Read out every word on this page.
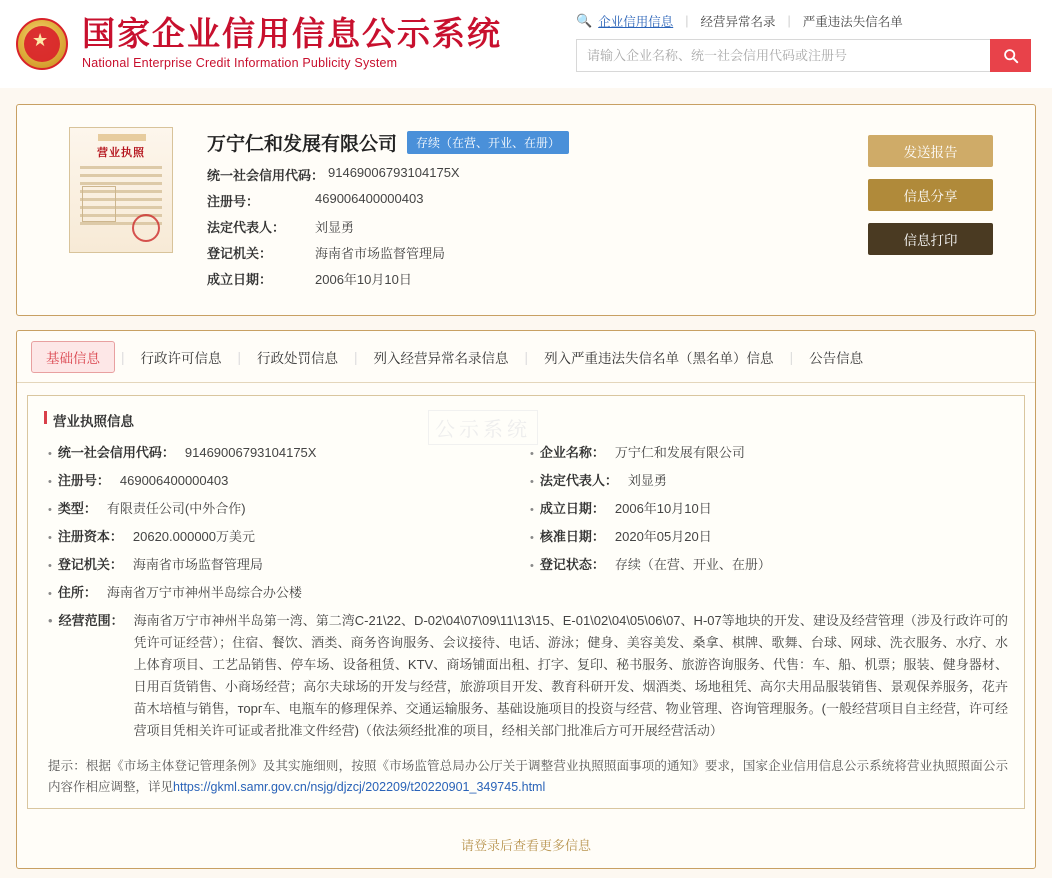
★ 国家企业信用信息公示系统
National Enterprise Credit Information Publicity System
🔍 企业信用信息 | 经营异常名录 | 严重违法失信名单
请输入企业名称、统一社会信用代码或注册号
营业执照	万宁仁和发展有限公司	存续（在营、开业、在册）
统一社会信用代码： 91469006793104175X
注册号：	469006400000403
法定代表人：	刘显勇
登记机关：	海南省市场监督管理局
成立日期：	2006年10月10日
发送报告
信息分享
信息打印
基础信息	|	行政许可信息	|	行政处罚信息	|	列入经营异常名录信息	|	列入严重违法失信名单（黑名单）信息	|	公告信息
公示系统
营业执照信息
• 统一社会信用代码： 91469006793104175X	• 企业名称： 万宁仁和发展有限公司
• 注册号： 469006400000403	• 法定代表人： 刘显勇
• 类型： 有限责任公司(中外合作)	• 成立日期： 2006年10月10日
• 注册资本： 20620.000000万美元	• 核准日期： 2020年05月20日
• 登记机关： 海南省市场监督管理局	• 登记状态： 存续（在营、开业、在册）
• 住所： 海南省万宁市神州半岛综合办公楼
• 经营范围： 海南省万宁市神州半岛第一湾、第二湾C-21\22、D-02\04\07\09\11\13\15、E-01\02\04\05\06\07、H-07等地块的开发、建设及经营管理（涉及行政许可的凭许可证经营）；住宿、餐饮、酒类、商务咨询服务、会议接待、电话、游泳；健身、美容美发、桑拿、棋牌、歌舞、台球、网球、洗衣服务、水疗、水上体育项目、工艺品销售、停车场、设备租赁、KTV、商场铺面出租、打字、复印、秘书服务、旅游咨询服务、代售：车、船、机票；服装、健身器材、日用百货销售、小商场经营；高尔夫球场的开发与经营，旅游项目开发、教育科研开发、烟酒类、场地租凭、高尔夫用品服装销售、景观保养服务，花卉苗木培植与销售，торг车、电瓶车的修理保养、交通运输服务、基础设施项目的投资与经营、物业管理、咨询管理服务。(一般经营项目自主经营，许可经营项目凭相关许可证或者批准文件经营)（依法须经批准的项目，经相关部门批准后方可开展经营活动）
提示：根据《市场主体登记管理条例》及其实施细则，按照《市场监管总局办公厅关于调整营业执照照面事项的通知》要求，国家企业信用信息公示系统将营业执照照面公示内容作相应调整，详见https://gkml.samr.gov.cn/nsjg/djzcj/202209/t20220901_349745.html
请登录后查看更多信息
